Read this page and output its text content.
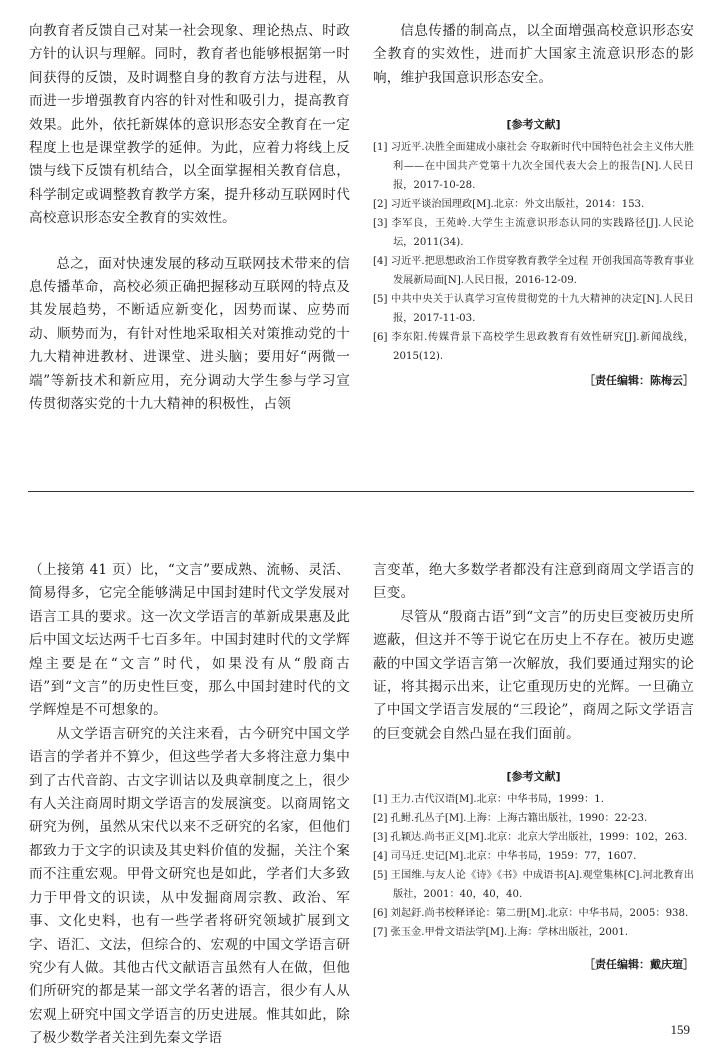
向教育者反馈自己对某一社会现象、理论热点、时政方针的认识与理解。同时，教育者也能够根据第一时间获得的反馈，及时调整自身的教育方法与进程，从而进一步增强教育内容的针对性和吸引力，提高教育效果。此外，依托新媒体的意识形态安全教育在一定程度上也是课堂教学的延伸。为此，应着力将线上反馈与线下反馈有机结合，以全面掌握相关教育信息，科学制定或调整教育教学方案，提升移动互联网时代高校意识形态安全教育的实效性。

总之，面对快速发展的移动互联网技术带来的信息传播革命，高校必须正确把握移动互联网的特点及其发展趋势，不断适应新变化，因势而谋、应势而动、顺势而为，有针对性地采取相关对策推动党的十九大精神进教材、进课堂、进头脑；要用好“两微一端”等新技术和新应用，充分调动大学生参与学习宣传贯彻落实党的十九大精神的积极性，占领

信息传播的制高点，以全面增强高校意识形态安全教育的实效性，进而扩大国家主流意识形态的影响，维护我国意识形态安全。

[参考文献]
[1] 习近平.决胜全面建成小康社会 夺取新时代中国特色社会主义伟大胜利——在中国共产党第十九次全国代表大会上的报告[N].人民日报，2017-10-28.
[2] 习近平谈治国理政[M].北京：外文出版社，2014：153.
[3] 李军良，王苑岭.大学生主流意识形态认同的实践路径[J].人民论坛，2011(34).
[4] 习近平.把思想政治工作贯穿教育教学全过程 开创我国高等教育事业发展新局面[N].人民日报，2016-12-09.
[5] 中共中央关于认真学习宣传贯彻党的十九大精神的决定[N].人民日报，2017-11-03.
[6] 李东阳.传媒背景下高校学生思政教育有效性研究[J].新闻战线，2015(12).
［责任编辑：陈梅云］

（上接第 41 页）比，“文言”要成熟、流畅、灵活、简易得多，它完全能够满足中国封建时代文学发展对语言工具的要求。这一次文学语言的革新成果惠及此后中国文坛达两千七百多年。中国封建时代的文学辉煌主要是在“文言”时代，如果没有从“殷商古语”到“文言”的历史性巨变，那么中国封建时代的文学辉煌是不可想象的。

从文学语言研究的关注来看，古今研究中国文学语言的学者并不算少，但这些学者大多将注意力集中到了古代音韵、古文字训诂以及典章制度之上，很少有人关注商周时期文学语言的发展演变。以商周铭文研究为例，虽然从宋代以来不乏研究的名家，但他们都致力于文字的识读及其史料价值的发掘，关注个案而不注重宏观。甲骨文研究也是如此，学者们大多致力于甲骨文的识读，从中发掘商周宗教、政治、军事、文化史料，也有一些学者将研究领域扩展到文字、语汇、文法，但综合的、宏观的中国文学语言研究少有人做。其他古代文献语言虽然有人在做，但他们所研究的都是某一部文学名著的语言，很少有人从宏观上研究中国文学语言的历史进展。惟其如此，除了极少数学者关注到先秦文学语

言变革，绝大多数学者都没有注意到商周文学语言的巨变。

尽管从“殷商古语”到“文言”的历史巨变被历史所遮蔽，但这并不等于说它在历史上不存在。被历史遮蔽的中国文学语言第一次解放，我们要通过翔实的论证，将其揭示出来，让它重现历史的光辉。一旦确立了中国文学语言发展的“三段论”，商周之际文学语言的巨变就会自然凸显在我们面前。

[参考文献]
[1] 王力.古代汉语[M].北京：中华书局，1999：1.
[2] 孔鲋.孔丛子[M].上海：上海古籍出版社，1990：22-23.
[3] 孔颖达.尚书正义[M].北京：北京大学出版社，1999：102，263.
[4] 司马迁.史记[M].北京：中华书局，1959：77，1607.
[5] 王国维.与友人论《诗》《书》中成语书[A].观堂集林[C].河北教育出版社，2001：40，40，40.
[6] 刘起釪.尚书校释译论：第二册[M].北京：中华书局，2005：938.
[7] 张玉金.甲骨文语法学[M].上海：学林出版社，2001.
［责任编辑：戴庆瑄］
159
